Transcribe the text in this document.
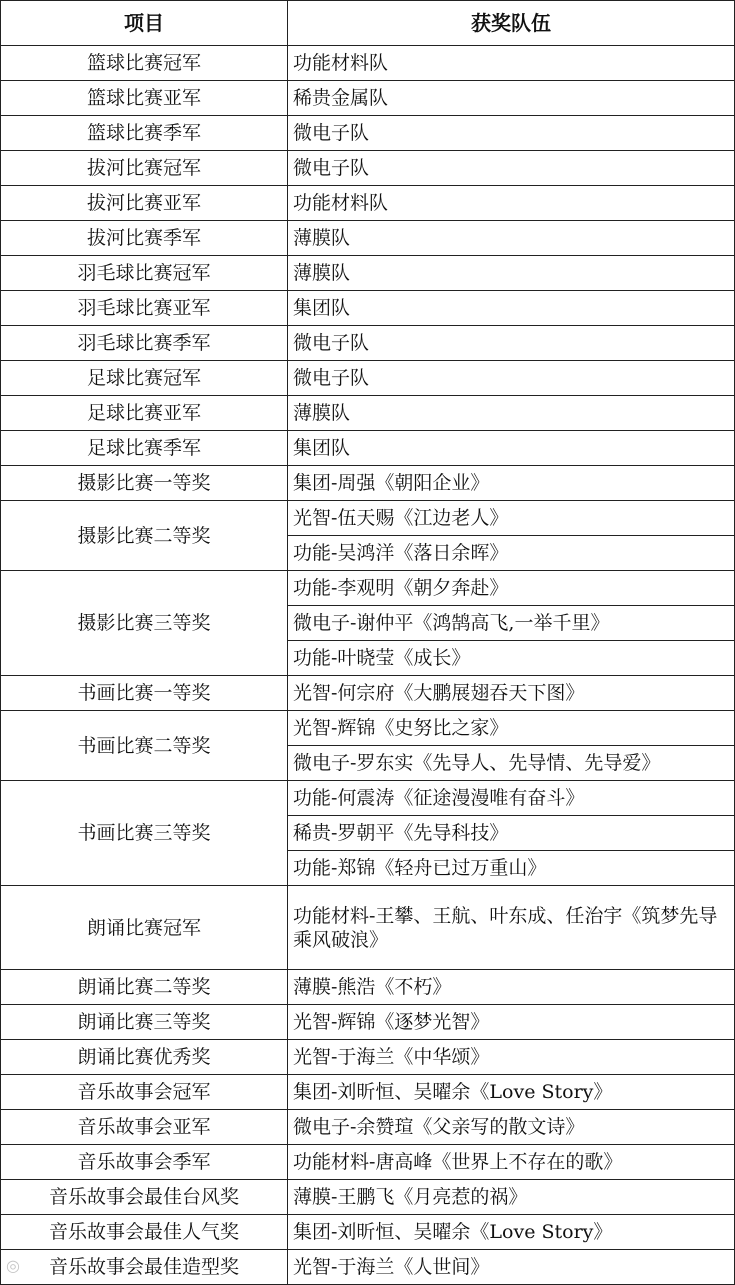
项目	获奖队伍
篮球比赛冠军	功能材料队
篮球比赛亚军	稀贵金属队
篮球比赛季军	微电子队
拔河比赛冠军	微电子队
拔河比赛亚军	功能材料队
拔河比赛季军	薄膜队
羽毛球比赛冠军	薄膜队
羽毛球比赛亚军	集团队
羽毛球比赛季军	微电子队
足球比赛冠军	微电子队
足球比赛亚军	薄膜队
足球比赛季军	集团队
摄影比赛一等奖	集团-周强《朝阳企业》
摄影比赛二等奖	光智-伍天赐《江边老人》
	功能-吴鸿洋《落日余晖》
摄影比赛三等奖	功能-李观明《朝夕奔赴》
	微电子-谢仲平《鸿鹄高飞,一举千里》
	功能-叶晓莹《成长》
书画比赛一等奖	光智-何宗府《大鹏展翅吞天下图》
书画比赛二等奖	光智-辉锦《史努比之家》
	微电子-罗东实《先导人、先导情、先导爱》
书画比赛三等奖	功能-何震涛《征途漫漫唯有奋斗》
	稀贵-罗朝平《先导科技》
	功能-郑锦《轻舟已过万重山》
朗诵比赛冠军	功能材料-王攀、王航、叶东成、任治宇《筑梦先导 乘风破浪》
朗诵比赛二等奖	薄膜-熊浩《不朽》
朗诵比赛三等奖	光智-辉锦《逐梦光智》
朗诵比赛优秀奖	光智-于海兰《中华颂》
音乐故事会冠军	集团-刘昕恒、吴曜余《Love Story》
音乐故事会亚军	微电子-余赞瑄《父亲写的散文诗》
音乐故事会季军	功能材料-唐高峰《世界上不存在的歌》
音乐故事会最佳台风奖	薄膜-王鹏飞《月亮惹的祸》
音乐故事会最佳人气奖	集团-刘昕恒、吴曜余《Love Story》
音乐故事会最佳造型奖	光智-于海兰《人世间》
◎
